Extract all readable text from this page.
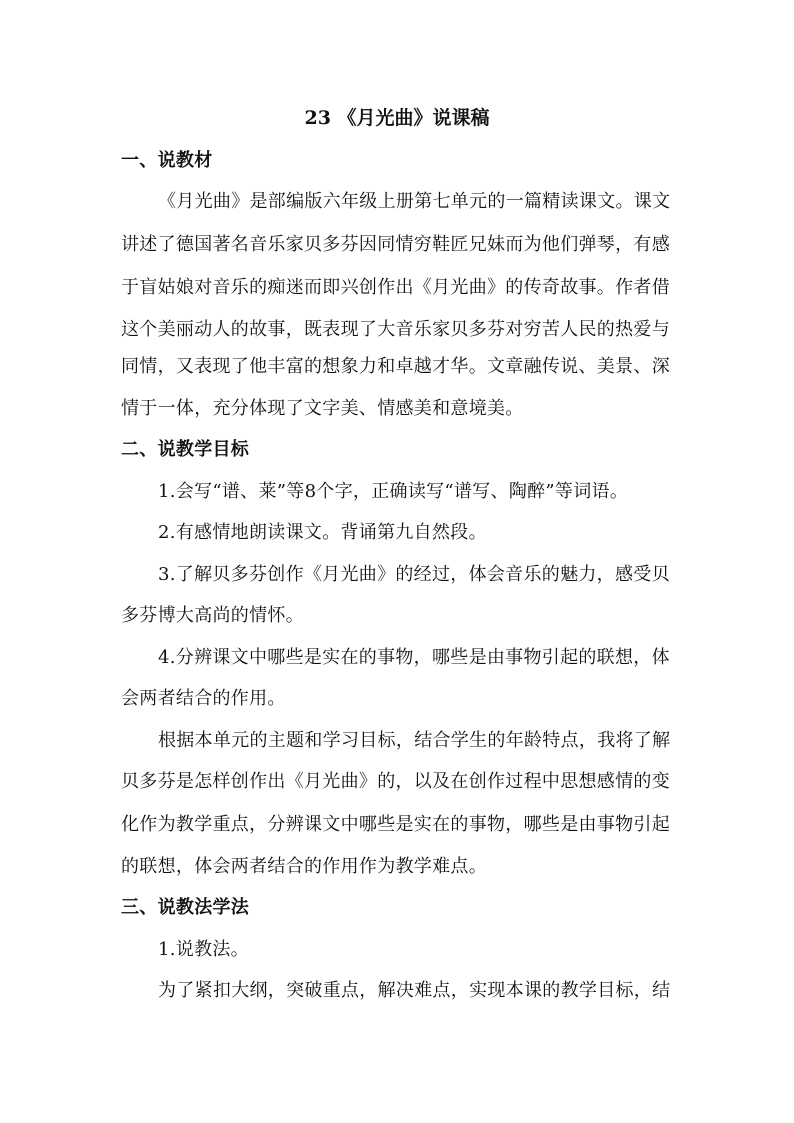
23 《月光曲》说课稿
一、说教材
《月光曲》是部编版六年级上册第七单元的一篇精读课文。课文
讲述了德国著名音乐家贝多芬因同情穷鞋匠兄妹而为他们弹琴，有感
于盲姑娘对音乐的痴迷而即兴创作出《月光曲》的传奇故事。作者借
这个美丽动人的故事，既表现了大音乐家贝多芬对穷苦人民的热爱与
同情，又表现了他丰富的想象力和卓越才华。文章融传说、美景、深
情于一体，充分体现了文字美、情感美和意境美。
二、说教学目标
1.会写“谱、莱”等8个字，正确读写“谱写、陶醉”等词语。
2.有感情地朗读课文。背诵第九自然段。
3.了解贝多芬创作《月光曲》的经过，体会音乐的魅力，感受贝
多芬博大高尚的情怀。
4.分辨课文中哪些是实在的事物，哪些是由事物引起的联想，体
会两者结合的作用。
根据本单元的主题和学习目标，结合学生的年龄特点，我将了解
贝多芬是怎样创作出《月光曲》的，以及在创作过程中思想感情的变
化作为教学重点，分辨课文中哪些是实在的事物，哪些是由事物引起
的联想，体会两者结合的作用作为教学难点。
三、说教法学法
1.说教法。
为了紧扣大纲，突破重点，解决难点，实现本课的教学目标，结
